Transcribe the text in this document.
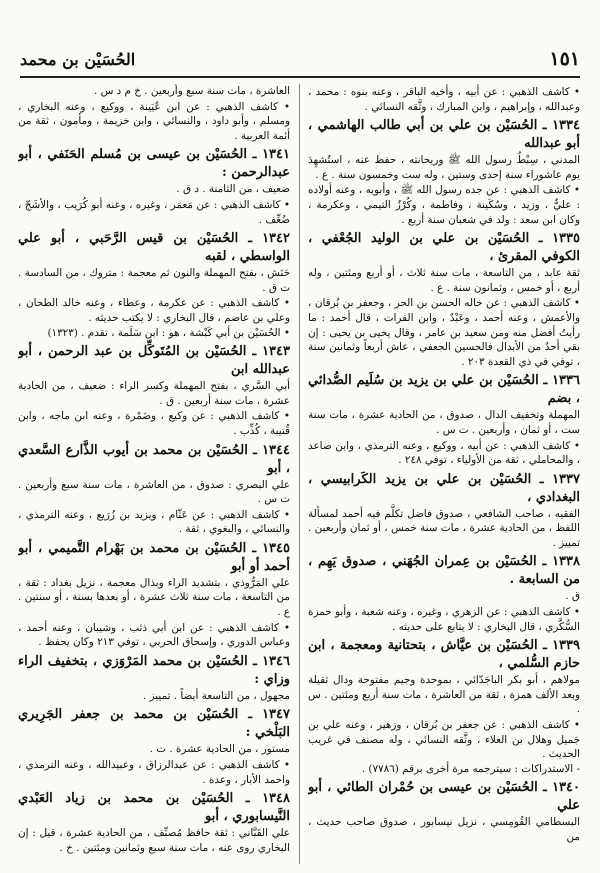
١٥١
الحُسَيْن بن محمد

• كاشف الذهبي : عن أبيه ، وأخيه الباقر ، وعنه بنوه : محمد ، وعبدالله ، وإبراهيم ، وابن المبارك ، وثَّقه النسائي .

١٣٣٤ ـ الحُسَيْن بن علي بن أبي طالب الهاشمي ، أبو عبدالله

المدني ، سِبْطُ رسول الله ﷺ وريحانته ، حفظ عنه ، استُشهِدَ يوم عاشوراء سنة إحدى وستين ، وله ست وخمسون سنة . ع .

• كاشف الذهبي : عن جده رسول الله ﷺ ، وأبويه ، وعنه أولاده : عليٌّ ، وزيد ، وسُكَينة ، وفاطمة ، وكُرْزٌ التيمي ، وعكرمة ، وكان ابن سعد : ولد في شعبان سنة أربع .

١٣٣٥ ـ الحُسَيْن بن علي بن الوليد الجُعْفي ، الكوفي المقرئ ،

ثقة عابد ، من التاسعة ، مات سنة ثلاث ، أو أربع ومئتين ، وله أربع ، أو خمس ، وثمانون سنة . ع .

• كاشف الذهبي : عن خاله الحسن بن الحر ، وجعفر بن بُرقان ، والأعمش ، وعنه أحمد ، وعَبْدٌ ، وابن الفرات ، قال أحمد : ما رأيتُ أفضل منه ومن سعيد بن عامر ، وقال يحيى بن يحيى : إن بقي أحدٌ من الأبدال فالحسين الجعفي ، عاش أربعاً وثمانين سنة ، توفي في ذي القعدة ٢٠٣ .

١٣٣٦ ـ الحُسَيْن بن علي بن يزيد بن سُلَيم الصُّدائي ، بضم

المهملة وتخفيف الدال ، صدوق ، من الحادية عشرة ، مات سنة ست ، أو ثمان ، وأربعين . ت س .

• كاشف الذهبي : عن أبيه ، ووكيع ، وعنه الترمذي ، وابن صاعد ، والمحاملي ، ثقة من الأولياء ، توفي ٢٤٨ .

١٣٣٧ ـ الحُسَيْن بن علي بن يزيد الكَرابيسي ، البغدادي ،

الفقيه ، صاحب الشافعي ، صدوق فاضل تكلَّم فيه أحمد لمسألة اللفظ ، من الحادية عشرة ، مات سنة خمس ، أو ثمان وأربعين . تمييز .

١٣٣٨ ـ الحُسَيْن بن عِمران الجُهَني ، صدوق يَهِم ، من السابعة .

ق .

• كاشف الذهبي : عن الزهري ، وغيره ، وعنه شعبة ، وأبو حمزة السُّكَّري ، قال البخاري : لا يتابع على حديثه .

١٣٣٩ ـ الحُسَيْن بن عيَّاش ، بتحتانية ومعجمة ، ابن حازم السُّلمي ،

مولاهم ، أبو بكر الباجَدّائي ، بموحدة وجيم مفتوحة ودال ثقيلة وبعد الألف همزة ، ثقة من العاشرة ، مات سنة أربع ومئتين . س .

• كاشف الذهبي : عن جعفر بن بُرقان ، وزهير ، وعنه علي بن جَميل وهلال بن العلاء ، وثَّقه النسائي ، وله مصنف في غريب الحديث .
- الاستدراكات : سيترجمه مرة أخرى برقم (٧٧٨٦) .

١٣٤٠ ـ الحُسَيْن بن عيسى بن حُمْران الطائي ، أبو علي

البسطامي القُومِسي ، نزيل نيسابور ، صدوق صاحب حديث ، من

العاشرة ، مات سنة سبع وأربعين . خ م د س .

• كاشف الذهبي : عن ابن عُيَينة ، ووكيع ، وعنه البخاري ، ومسلم ، وأبو داود ، والنسائي ، وابن خزيمة ، ومأمون ، ثقة من أئمة العربية .

١٣٤١ ـ الحُسَيْن بن عيسى بن مُسلم الحَنَفي ، أبو عبدالرحمن :

ضعيف ، من الثامنة . د ق .

• كاشف الذهبي : عن مَعمَر ، وغيره ، وعنه أبو كُرَيب ، والأشَجّ ، ضُعِّف .

١٣٤٢ ـ الحُسَيْن بن قيس الرَّحَبي ، أبو علي الواسطي ، لقبه

حَنَش ، بفتح المهملة والنون ثم معجمة : متروك ، من السادسة . ت ق .

• كاشف الذهبي : عن عكرمة ، وعطاء ، وعنه خالد الطحان ، وعلي بن عاصم ، قال البخاري : لا يكتب حديثه .
• الحُسَيْن بن أبي كَبْشة ، هو : ابن سَلَمة ، تقدم . (١٣٢٣)

١٣٤٣ ـ الحُسَيْن بن المُتَوكِّل بن عبد الرحمن ، أبو عبدالله ابن

أبي السَّري ، بفتح المهملة وكسر الراء : ضعيف ، من الحادية عشرة ، مات سنة أربعين . ق .

• كاشف الذهبي : عن وكيع ، وضَمْرة ، وعنه ابن ماجه ، وابن قُتيبة ، كُذِّب .

١٣٤٤ ـ الحُسَيْن بن محمد بن أيوب الذَّارع السَّعدي ، أبو

علي البصري : صدوق ، من العاشرة ، مات سنة سبع وأربعين . ت س .

• كاشف الذهبي : عن عَثّام ، ويزيد بن زُرَيع ، وعنه الترمذي ، والنسائي ، والبغوي ، ثقة .

١٣٤٥ ـ الحُسَيْن بن محمد بن بَهْرام التَّميمي ، أبو أحمد أو أبو

علي المَرُّوذي ، بتشديد الراء وبذال معجمة ، نزيل بغداد : ثقة ، من التاسعة ، مات سنة ثلاث عشرة ، أو بعدها بسنة ، أو سنتين . ع .

• كاشف الذهبي : عن ابن أبي ذئب ، وشيبان ، وعنه أحمد ، وعباس الدوري ، وإسحاق الحربي ، توفي ٢١٣ وكان يحفظ .

١٣٤٦ ـ الحُسَيْن بن محمد المَرْوَزي ، بتخفيف الراء وزاي :

مجهول ، من التاسعة أيضاً . تمييز .

١٣٤٧ ـ الحُسَيْن بن محمد بن جعفر الجَرِيري البَلْخي :

مستور ، من الحادية عشرة . ت .

• كاشف الذهبي : عن عبدالرزاق ، وعبيدالله ، وعنه الترمذي ، واحمد الأبار ، وعدة .

١٣٤٨ ـ الحُسَيْن بن محمد بن زياد العَبْدي النَّيسابوري ، أبو

علي القَبَّاني : ثقة حافظ مُصنِّف ، من الحادية عشرة ، قيل : إن البخاري روى عنه ، مات سنة سبع وثمانين ومئتين . خ .
